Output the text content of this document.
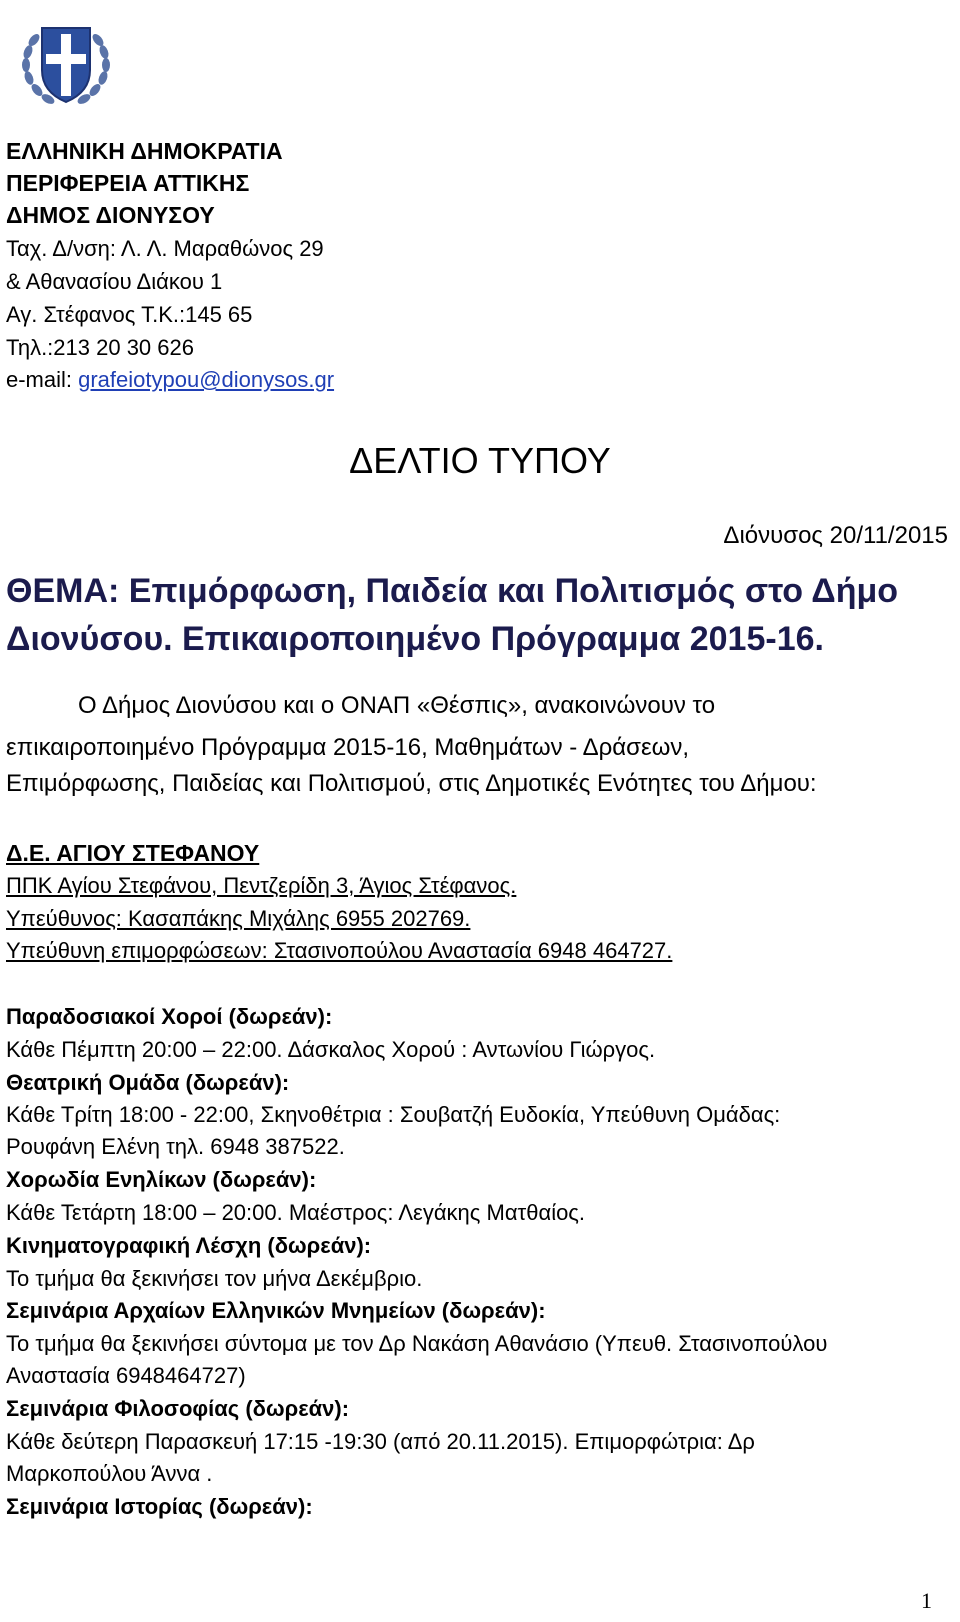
ΕΛΛΗΝΙΚΗ ΔΗΜΟΚΡΑΤΙΑ
ΠΕΡΙΦΕΡΕΙΑ ΑΤΤΙΚΗΣ
ΔΗΜΟΣ ΔΙΟΝΥΣΟΥ
Ταχ. Δ/νση: Λ. Λ. Μαραθώνος 29
& Αθανασίου Διάκου 1
Αγ. Στέφανος Τ.Κ.:145 65
Τηλ.:213 20 30 626
e-mail: grafeiotypou@dionysos.gr
ΔΕΛΤΙΟ ΤΥΠΟΥ
Διόνυσος 20/11/2015
ΘΕΜΑ: Επιμόρφωση, Παιδεία και Πολιτισμός στο Δήμο
Διονύσου. Επικαιροποιημένο Πρόγραμμα 2015-16.
Ο Δήμος Διονύσου και ο ΟΝΑΠ «Θέσπις», ανακοινώνουν το
επικαιροποιημένο Πρόγραμμα 2015-16, Μαθημάτων - Δράσεων,
Επιμόρφωσης, Παιδείας και Πολιτισμού, στις Δημοτικές Ενότητες του Δήμου:
Δ.Ε. ΑΓΙΟΥ ΣΤΕΦΑΝΟΥ
ΠΠΚ Αγίου Στεφάνου, Πεντζερίδη 3, Άγιος Στέφανος.
Υπεύθυνος: Κασαπάκης Μιχάλης 6955 202769.
Υπεύθυνη επιμορφώσεων: Στασινοπούλου Αναστασία 6948 464727.
Παραδοσιακοί Χοροί (δωρεάν):
Κάθε Πέμπτη 20:00 – 22:00. Δάσκαλος Χορού : Αντωνίου Γιώργος.
Θεατρική Ομάδα (δωρεάν):
Κάθε Τρίτη 18:00 - 22:00, Σκηνοθέτρια : Σουβατζή Ευδοκία, Υπεύθυνη Ομάδας:
Ρουφάνη Ελένη τηλ. 6948 387522.
Χορωδία Ενηλίκων (δωρεάν):
Κάθε Τετάρτη 18:00 – 20:00. Μαέστρος: Λεγάκης Ματθαίος.
Κινηματογραφική Λέσχη (δωρεάν):
Το τμήμα θα ξεκινήσει τον μήνα Δεκέμβριο.
Σεμινάρια Αρχαίων Ελληνικών Μνημείων (δωρεάν):
Το τμήμα θα ξεκινήσει σύντομα με τον Δρ Νακάση Αθανάσιο (Υπευθ. Στασινοπούλου
Αναστασία 6948464727)
Σεμινάρια Φιλοσοφίας (δωρεάν):
Κάθε δεύτερη Παρασκευή 17:15 -19:30 (από 20.11.2015). Επιμορφώτρια: Δρ
Μαρκοπούλου Άννα .
Σεμινάρια Ιστορίας (δωρεάν):
1
